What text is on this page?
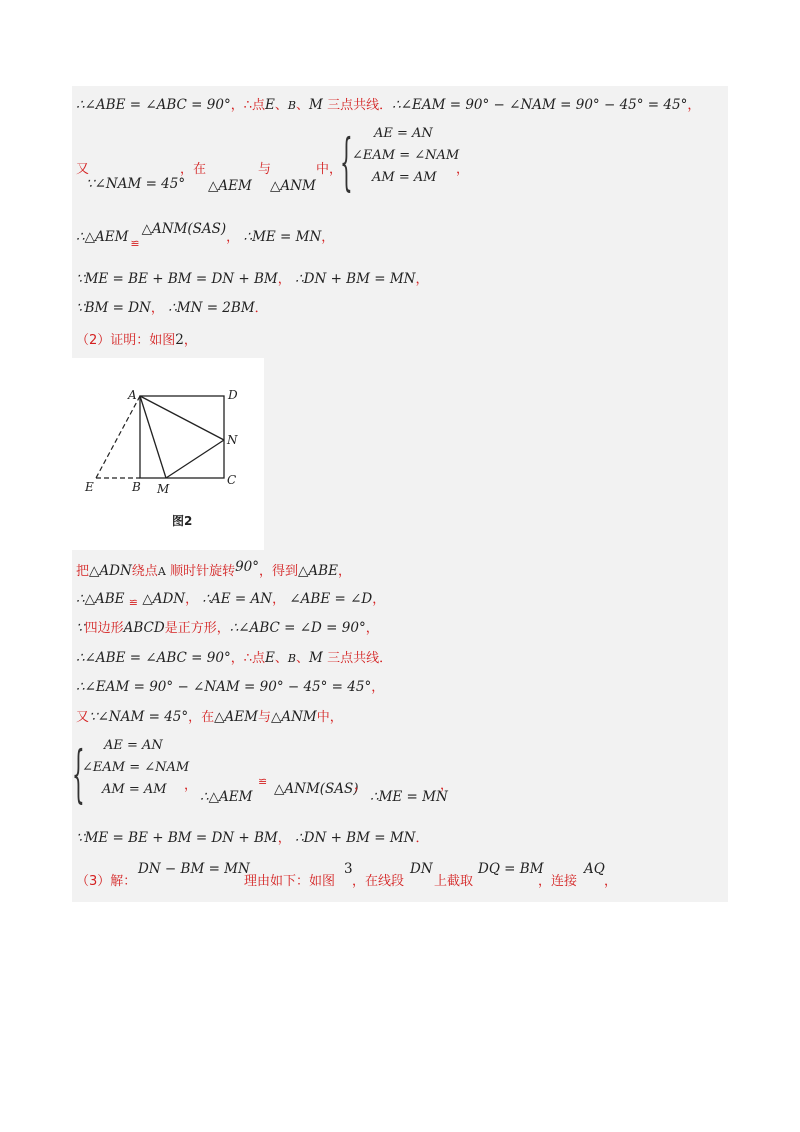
∴∠ABE = ∠ABC = 90°，∴点E、B、M 三点共线．∴∠EAM = 90° − ∠NAM = 90° − 45° = 45°，
又
∵∠NAM = 45°
，在
△AEM
与
△ANM
中，
{ AE = AN
∠EAM = ∠NAM
AM = AM
，
∴△AEM $_≌$△ANM(SAS)， ∴ME = MN，
∵ME = BE + BM = DN + BM， ∴DN + BM = MN，
∵BM = DN， ∴MN = 2BM．
（2）证明：如图2，
A	D
N
C
B M
E
图2
把△ADN绕点A 顺时针旋转90°，得到△ABE，
∴△ABE $_≌$ △ADN， ∴AE = AN， ∠ABE = ∠D，
∵四边形ABCD是正方形，∴∠ABC = ∠D = 90°，
∴∠ABE = ∠ABC = 90°，∴点E、B、M 三点共线．
∴∠EAM = 90° − ∠NAM = 90° − 45° = 45°，
又∵∠NAM = 45°，在△AEM与△ANM中，
{ AE = AN
∠EAM = ∠NAM
AM = AM ，
∴△AEM
≌ △ANM(SAS)
，
∴ME = MN
，
∵ME = BE + BM = DN + BM， ∴DN + BM = MN．
（3）解：
DN − BM = MN
理由如下：如图
3
，在线段
DN
上截取
DQ = BM
，连接
AQ
，
